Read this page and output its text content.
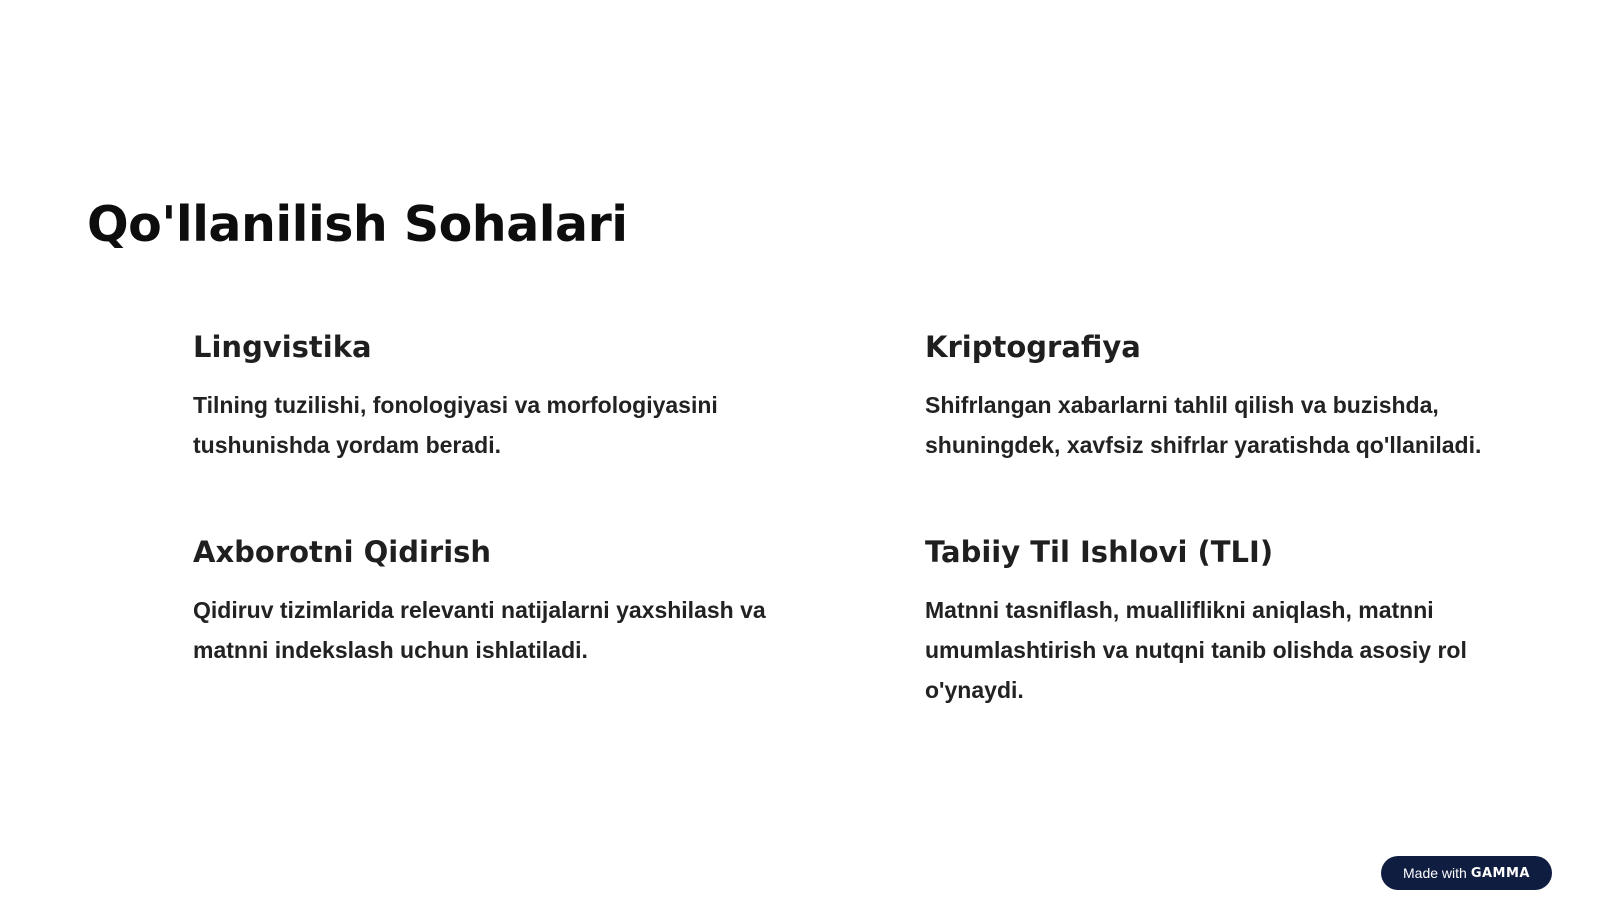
Qo'llanilish Sohalari
Lingvistika

Tilning tuzilishi, fonologiyasi va morfologiyasini tushunishda yordam beradi.

Kriptografiya

Shifrlangan xabarlarni tahlil qilish va buzishda, shuningdek, xavfsiz shifrlar yaratishda qo'llaniladi.

Axborotni Qidirish

Qidiruv tizimlarida relevanti natijalarni yaxshilash va matnni indekslash uchun ishlatiladi.

Tabiiy Til Ishlovi (TLI)

Matnni tasniflash, mualliflikni aniqlash, matnni umumlashtirish va nutqni tanib olishda asosiy rol o'ynaydi.

Made with GAMMA
